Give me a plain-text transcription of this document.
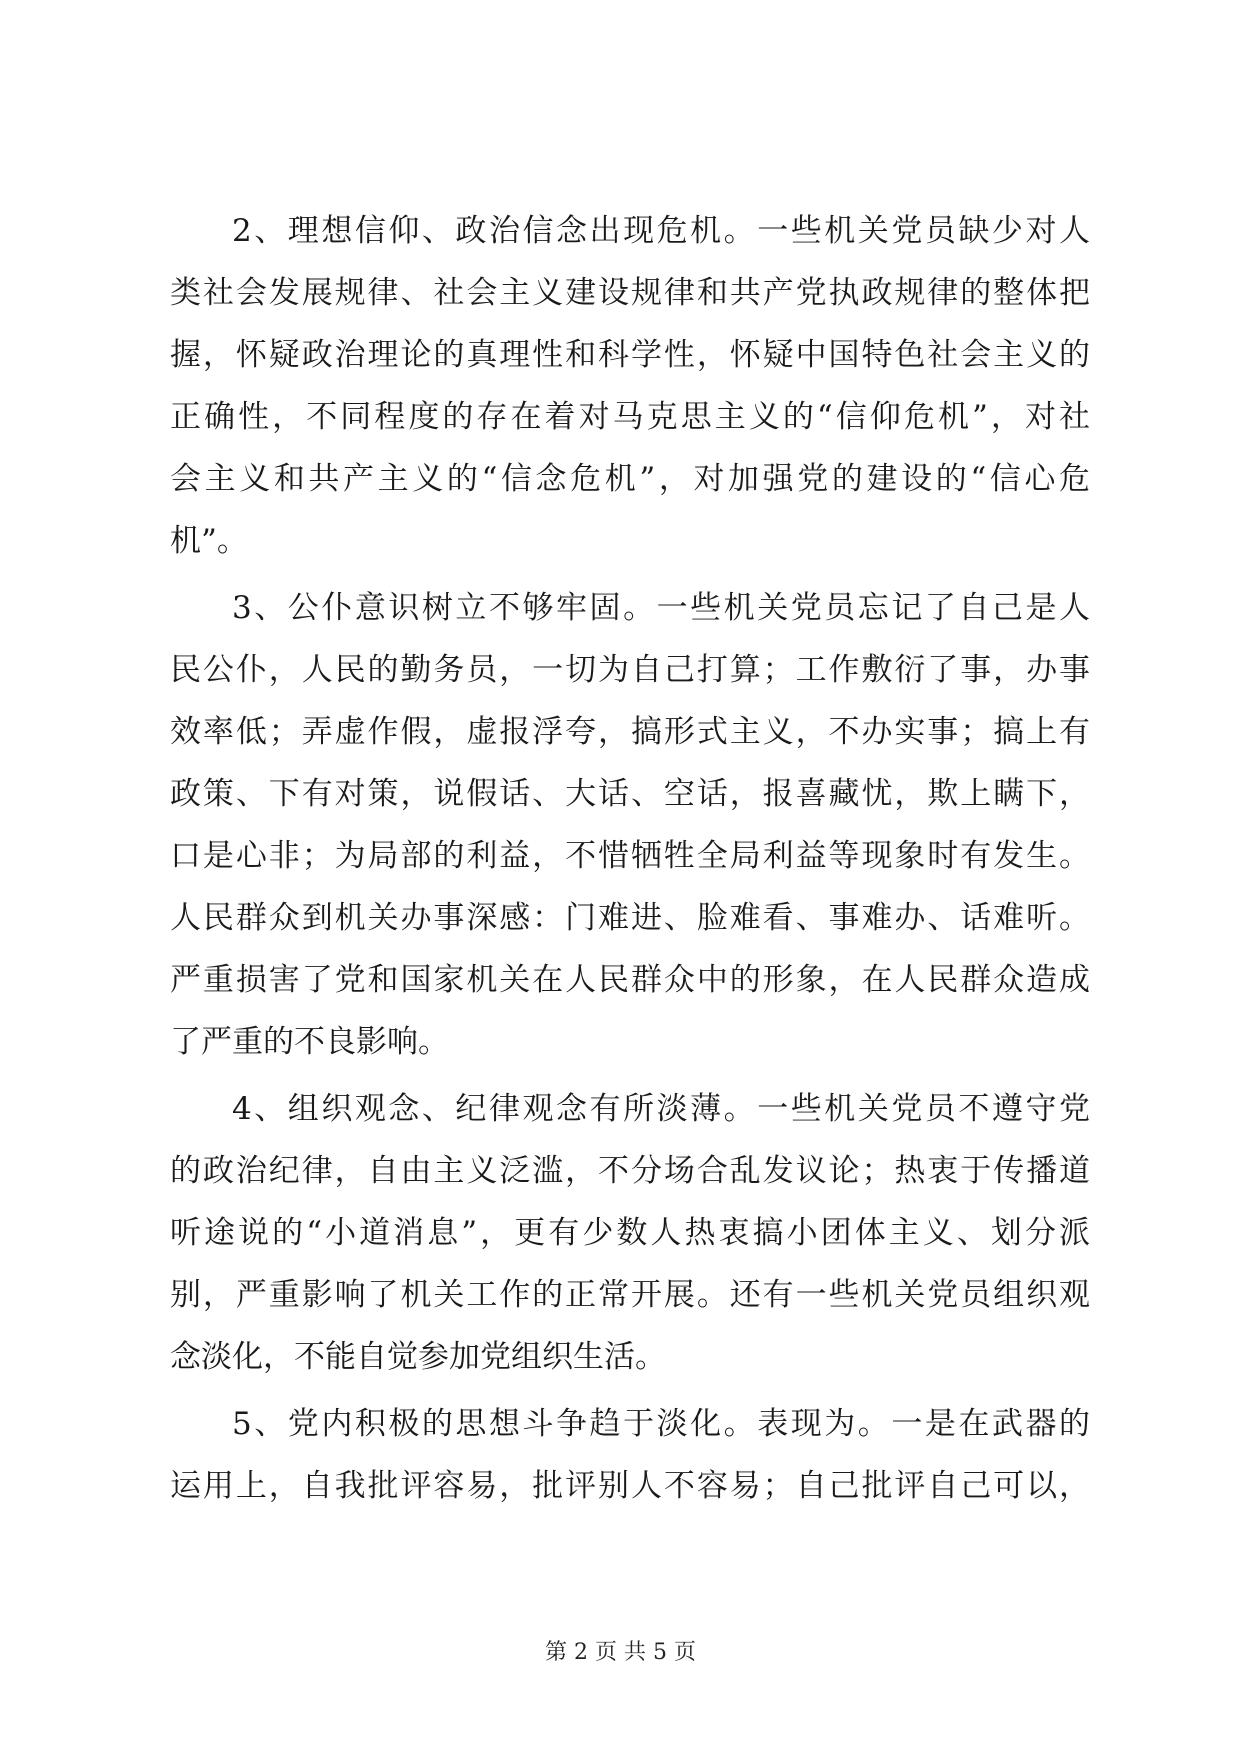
2、理想信仰、政治信念出现危机。一些机关党员缺少对人
类社会发展规律、社会主义建设规律和共产党执政规律的整体把
握，怀疑政治理论的真理性和科学性，怀疑中国特色社会主义的
正确性，不同程度的存在着对马克思主义的“信仰危机”，对社
会主义和共产主义的“信念危机”，对加强党的建设的“信心危
机”。
3、公仆意识树立不够牢固。一些机关党员忘记了自己是人
民公仆，人民的勤务员，一切为自己打算；工作敷衍了事，办事
效率低；弄虚作假，虚报浮夸，搞形式主义，不办实事；搞上有
政策、下有对策，说假话、大话、空话，报喜藏忧，欺上瞒下，
口是心非；为局部的利益，不惜牺牲全局利益等现象时有发生。
人民群众到机关办事深感：门难进、脸难看、事难办、话难听。
严重损害了党和国家机关在人民群众中的形象，在人民群众造成
了严重的不良影响。
4、组织观念、纪律观念有所淡薄。一些机关党员不遵守党
的政治纪律，自由主义泛滥，不分场合乱发议论；热衷于传播道
听途说的“小道消息”，更有少数人热衷搞小团体主义、划分派
别，严重影响了机关工作的正常开展。还有一些机关党员组织观
念淡化，不能自觉参加党组织生活。
5、党内积极的思想斗争趋于淡化。表现为。一是在武器的
运用上，自我批评容易，批评别人不容易；自己批评自己可以，
第 2 页 共 5 页
